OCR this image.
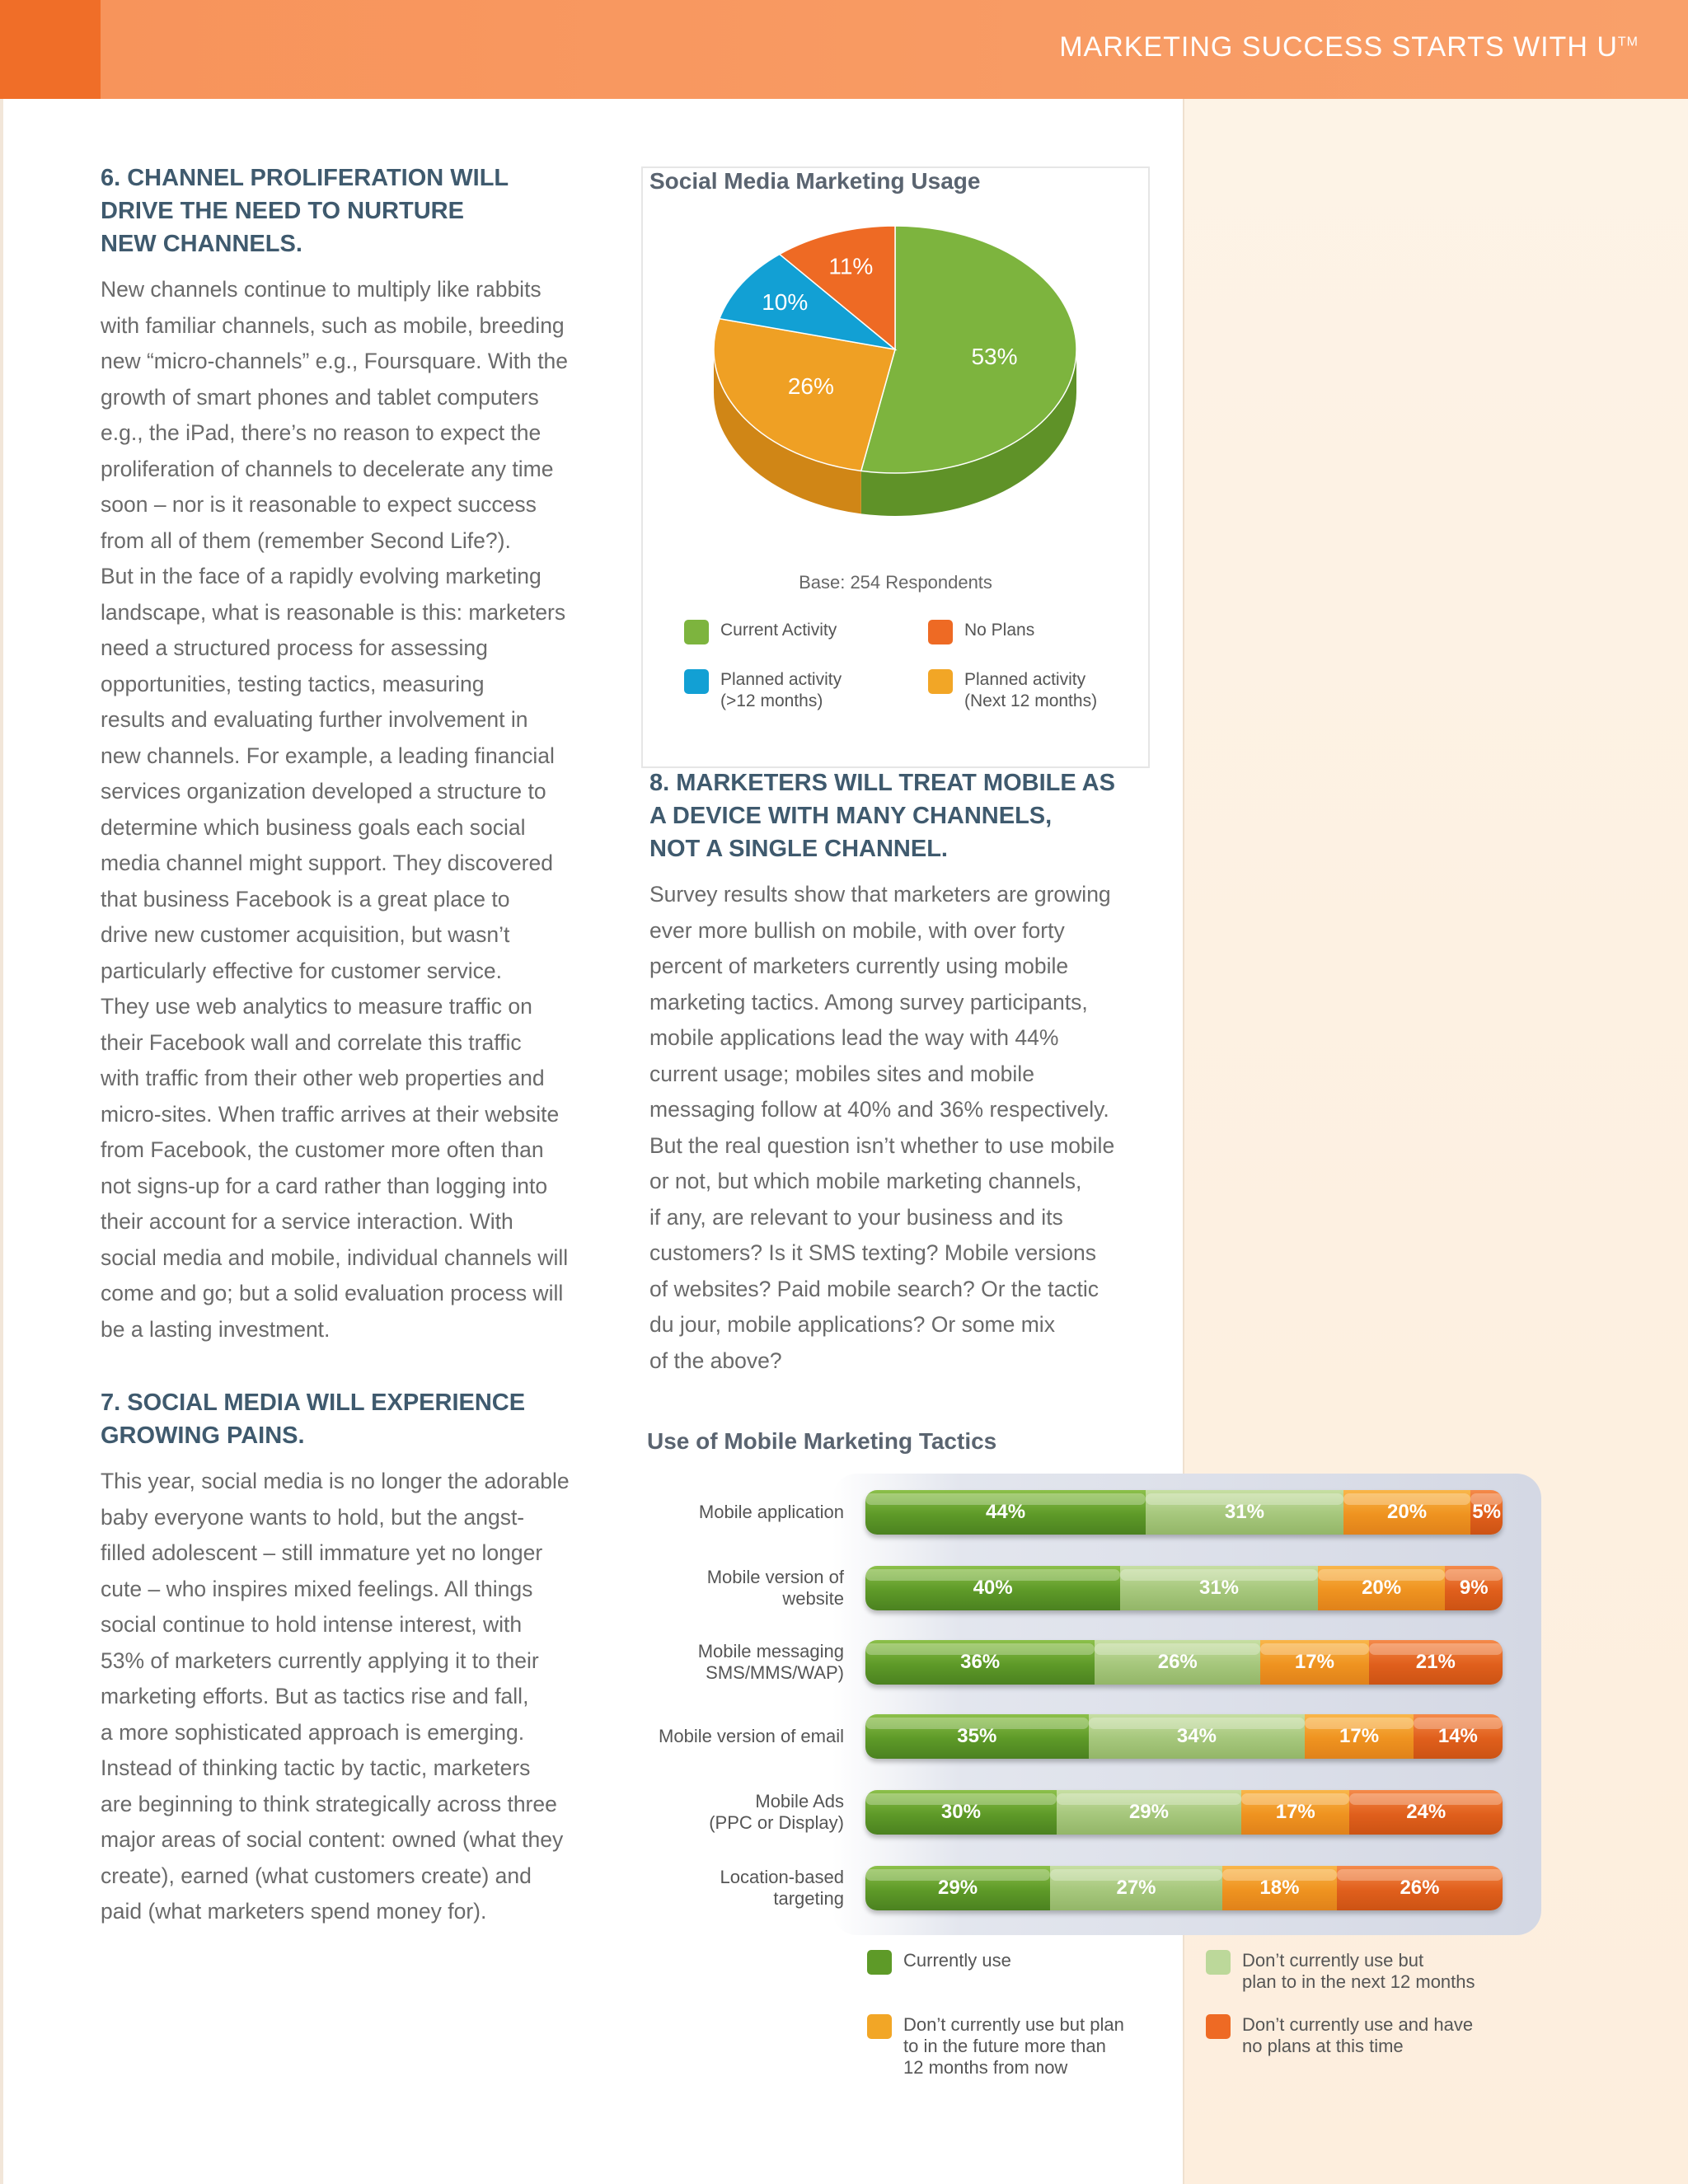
MARKETING SUCCESS STARTS WITH U™
6. CHANNEL PROLIFERATION WILL
DRIVE THE NEED TO NURTURE
NEW CHANNELS.

New channels continue to multiply like rabbits
with familiar channels, such as mobile, breeding
new “micro-channels” e.g., Foursquare. With the
growth of smart phones and tablet computers
e.g., the iPad, there’s no reason to expect the
proliferation of channels to decelerate any time
soon – nor is it reasonable to expect success
from all of them (remember Second Life?).

But in the face of a rapidly evolving marketing
landscape, what is reasonable is this: marketers
need a structured process for assessing
opportunities, testing tactics, measuring
results and evaluating further involvement in
new channels. For example, a leading financial
services organization developed a structure to
determine which business goals each social
media channel might support. They discovered
that business Facebook is a great place to
drive new customer acquisition, but wasn’t
particularly effective for customer service.

They use web analytics to measure traffic on
their Facebook wall and correlate this traffic
with traffic from their other web properties and
micro-sites. When traffic arrives at their website
from Facebook, the customer more often than
not signs-up for a card rather than logging into
their account for a service interaction. With
social media and mobile, individual channels will
come and go; but a solid evaluation process will
be a lasting investment.

7. SOCIAL MEDIA WILL EXPERIENCE
GROWING PAINS.

This year, social media is no longer the adorable
baby everyone wants to hold, but the angst-
filled adolescent – still immature yet no longer
cute – who inspires mixed feelings. All things
social continue to hold intense interest, with
53% of marketers currently applying it to their
marketing efforts. But as tactics rise and fall,
a more sophisticated approach is emerging.
Instead of thinking tactic by tactic, marketers
are beginning to think strategically across three
major areas of social content: owned (what they
create), earned (what customers create) and
paid (what marketers spend money for).

Social Media Marketing Usage
53%
26%
10%
11%
Base: 254 Respondents
Current Activity	No Plans
Planned activity
(>12 months)
Planned activity
(Next 12 months)
8. MARKETERS WILL TREAT MOBILE AS
A DEVICE WITH MANY CHANNELS,
NOT A SINGLE CHANNEL.

Survey results show that marketers are growing
ever more bullish on mobile, with over forty
percent of marketers currently using mobile
marketing tactics. Among survey participants,
mobile applications lead the way with 44%
current usage; mobiles sites and mobile
messaging follow at 40% and 36% respectively.
But the real question isn’t whether to use mobile
or not, but which mobile marketing channels,
if any, are relevant to your business and its
customers? Is it SMS texting? Mobile versions
of websites? Paid mobile search? Or the tactic
du jour, mobile applications? Or some mix
of the above?

Use of Mobile Marketing Tactics
Mobile application	44%	31%	20% 5%
Mobile version of
website	40%	31%	20%	9%
Mobile messaging
SMS/MMS/WAP)	36%	26%	17%	21%
Mobile version of email	35%	34%	17%	14%
Mobile Ads
(PPC or Display)	30%	29%	17%	24%
Location-based
targeting	29%	27%	18%	26%
Currently use	Don’t currently use but
plan to in the next 12 months
Don’t currently use but plan
to in the future more than
12 months from now
Don’t currently use and have
no plans at this time
